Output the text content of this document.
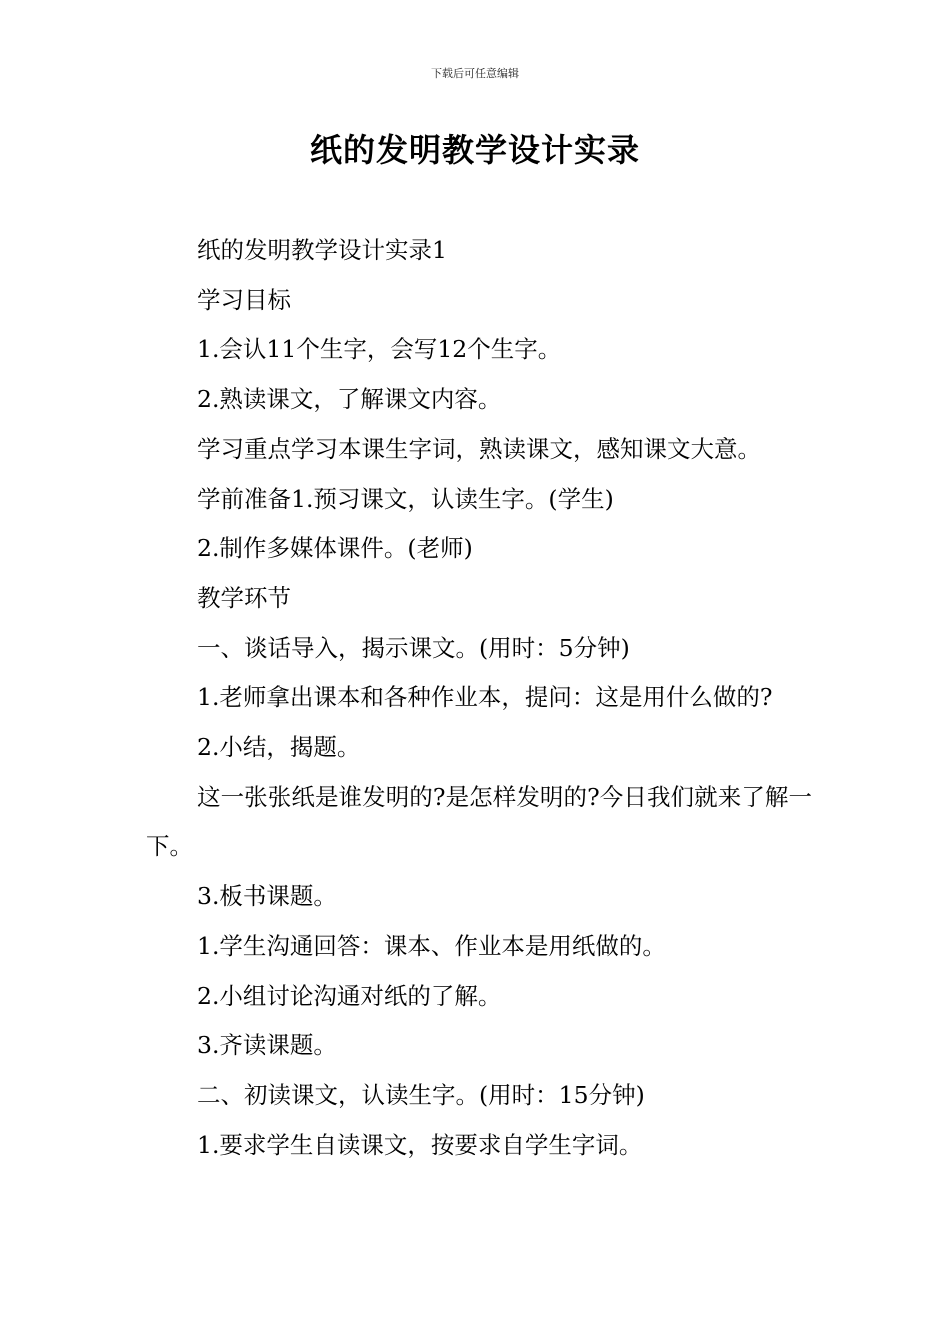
下载后可任意编辑
纸的发明教学设计实录

纸的发明教学设计实录1

学习目标

1.会认11个生字，会写12个生字。

2.熟读课文，了解课文内容。

学习重点学习本课生字词，熟读课文，感知课文大意。

学前准备1.预习课文，认读生字。(学生)

2.制作多媒体课件。(老师)

教学环节

一、谈话导入，揭示课文。(用时：5分钟)

1.老师拿出课本和各种作业本，提问：这是用什么做的?

2.小结，揭题。

这一张张纸是谁发明的?是怎样发明的?今日我们就来了解一下。

3.板书课题。

1.学生沟通回答：课本、作业本是用纸做的。

2.小组讨论沟通对纸的了解。

3.齐读课题。

二、初读课文，认读生字。(用时：15分钟)

1.要求学生自读课文，按要求自学生字词。
